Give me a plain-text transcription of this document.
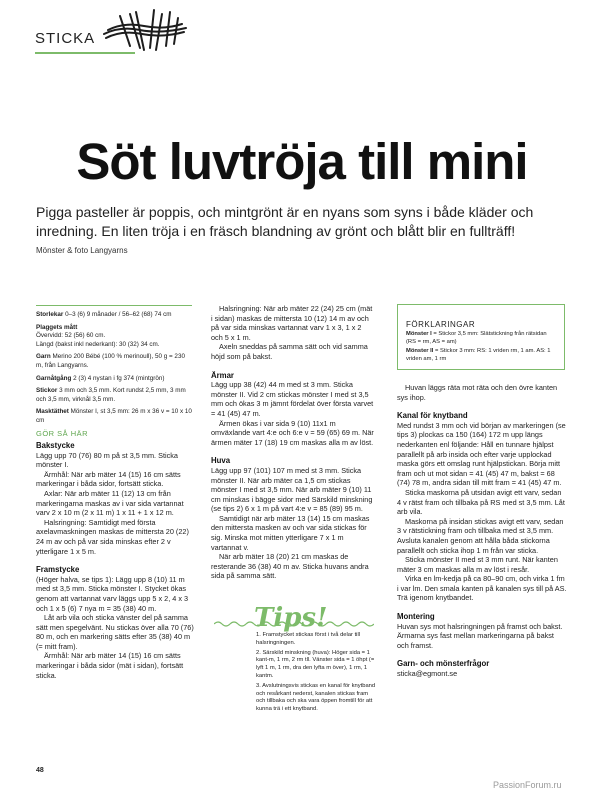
STICKA
Söt luvtröja till mini
Pigga pasteller är poppis, och mintgrönt är en nyans som syns i både kläder och inredning. En liten tröja i en fräsch blandning av grönt och blått blir en fullträff!
Mönster & foto Langyarns

Storlekar 0–3 (6) 9 månader / 56–62 (68) 74 cm

Plaggets mått
Övervidd: 52 (56) 60 cm.
Längd (bakst inkl nederkant): 30 (32) 34 cm.

Garn Merino 200 Bébé (100 % merinoull), 50 g = 230 m, från Langyarns.

Garnåtgång 2 (3) 4 nystan i fg 374 (mintgrön)

Stickor 3 mm och 3,5 mm. Kort rundst 2,5 mm, 3 mm och 3,5 mm, virknål 3,5 mm.

Masktäthet Mönster I, st 3,5 mm: 26 m x 36 v = 10 x 10 cm

GÖR SÅ HÄR
Bakstycke

Lägg upp 70 (76) 80 m på st 3,5 mm. Sticka mönster I.

Ärmhål: När arb mäter 14 (15) 16 cm sätts markeringar i båda sidor, fortsätt sticka.

Axlar: När arb mäter 11 (12) 13 cm från markeringarna maskas av i var sida vartannat varv 2 x 10 m (2 x 11 m) 1 x 11 + 1 x 12 m.

Halsringning: Samtidigt med första axelavmaskningen maskas de mittersta 20 (22) 24 m av och på var sida minskas efter 2 v ytterligare 1 x 5 m.

Framstycke

(Höger halva, se tips 1): Lägg upp 8 (10) 11 m med st 3,5 mm. Sticka mönster I. Stycket ökas genom att vartannat varv läggs upp 5 x 2, 4 x 3 och 1 x 5 (6) 7 nya m = 35 (38) 40 m.

Låt arb vila och sticka vänster del på samma sätt men spegelvänt. Nu stickas över alla 70 (76) 80 m, och en markering sätts efter 35 (38) 40 m (= mitt fram).

Ärmhål: När arb mäter 14 (15) 16 cm sätts markeringar i båda sidor (mät i sidan), fortsätt sticka.

Halsringning: När arb mäter 22 (24) 25 cm (mät i sidan) maskas de mittersta 10 (12) 14 m av och på var sida minskas vartannat varv 1 x 3, 1 x 2 och 5 x 1 m.

Axeln sneddas på samma sätt och vid samma höjd som på bakst.

Ärmar

Lägg upp 38 (42) 44 m med st 3 mm. Sticka mönster II. Vid 2 cm stickas mönster I med st 3,5 mm och ökas 3 m jämnt fördelat över första varvet = 41 (45) 47 m.

Ärmen ökas i var sida 9 (10) 11x1 m omväxlande vart 4:e och 6:e v = 59 (65) 69 m. När ärmen mäter 17 (18) 19 cm maskas alla m av löst.

Huva

Lägg upp 97 (101) 107 m med st 3 mm. Sticka mönster II. När arb mäter ca 1,5 cm stickas mönster I med st 3,5 mm. När arb mäter 9 (10) 11 cm minskas i bägge sidor med Särskild minskning (se tips 2) 6 x 1 m på vart 4:e v = 85 (89) 95 m.

Samtidigt när arb mäter 13 (14) 15 cm maskas den mittersta masken av och var sida stickas för sig. Minska mot mitten ytterligare 7 x 1 m vartannat v.

När arb mäter 18 (20) 21 cm maskas de resterande 36 (38) 40 m av. Sticka huvans andra sida på samma sätt.

Tips!

1. Framstycket stickas först i två delar till halsringningen.

2. Särskild minskning (huva): Höger sida = 1 kant-m, 1 rm, 2 rm tll. Vänster sida = 1 öhpt (= lyft 1 m, 1 rm, dra den lyfta m över), 1 rm, 1 kantm.

3. Avslutningsvis stickas en kanal för knytband och resårkant nederst, kanalen stickas fram och tillbaka och ska vara öppen fromtill för att kunna trä i ett knytband.

FÖRKLARINGAR

Mönster I = Stickor 3,5 mm: Slätstickning från rätsidan (RS = rm, AS = am)

Mönster II = Stickor 3 mm: RS: 1 vriden rm, 1 am. AS: 1 vriden am, 1 rm

Huvan läggs räta mot räta och den övre kanten sys ihop.

Kanal för knytband

Med rundst 3 mm och vid början av markeringen (se tips 3) plockas ca 150 (164) 172 m upp längs nederkanten enl följande: Håll en tunnare hjälpst parallellt på arb insida och efter varje upplockad maska görs ett omslag runt hjälpstickan. Börja mitt fram och ut mot sidan = 41 (45) 47 m, bakst = 68 (74) 78 m, andra sidan till mitt fram = 41 (45) 47 m.

Sticka maskorna på utsidan avigt ett varv, sedan 4 v rätst fram och tillbaka på RS med st 3,5 mm. Låt arb vila.

Maskorna på insidan stickas avigt ett varv, sedan 3 v rätstickning fram och tillbaka med st 3,5 mm. Avsluta kanalen genom att hålla båda stickorna parallellt och sticka ihop 1 m från var sticka.

Sticka mönster II med st 3 mm runt. När kanten mäter 3 cm maskas alla m av löst i resår.

Virka en lm-kedja på ca 80–90 cm, och virka 1 fm i var lm. Den smala kanten på kanalen sys till på AS. Trä igenom knytbandet.

Montering

Huvan sys mot halsringningen på framst och bakst. Ärmarna sys fast mellan markeringarna på bakst och framst.

Garn- och mönsterfrågor

sticka@egmont.se

48
PassionForum.ru
